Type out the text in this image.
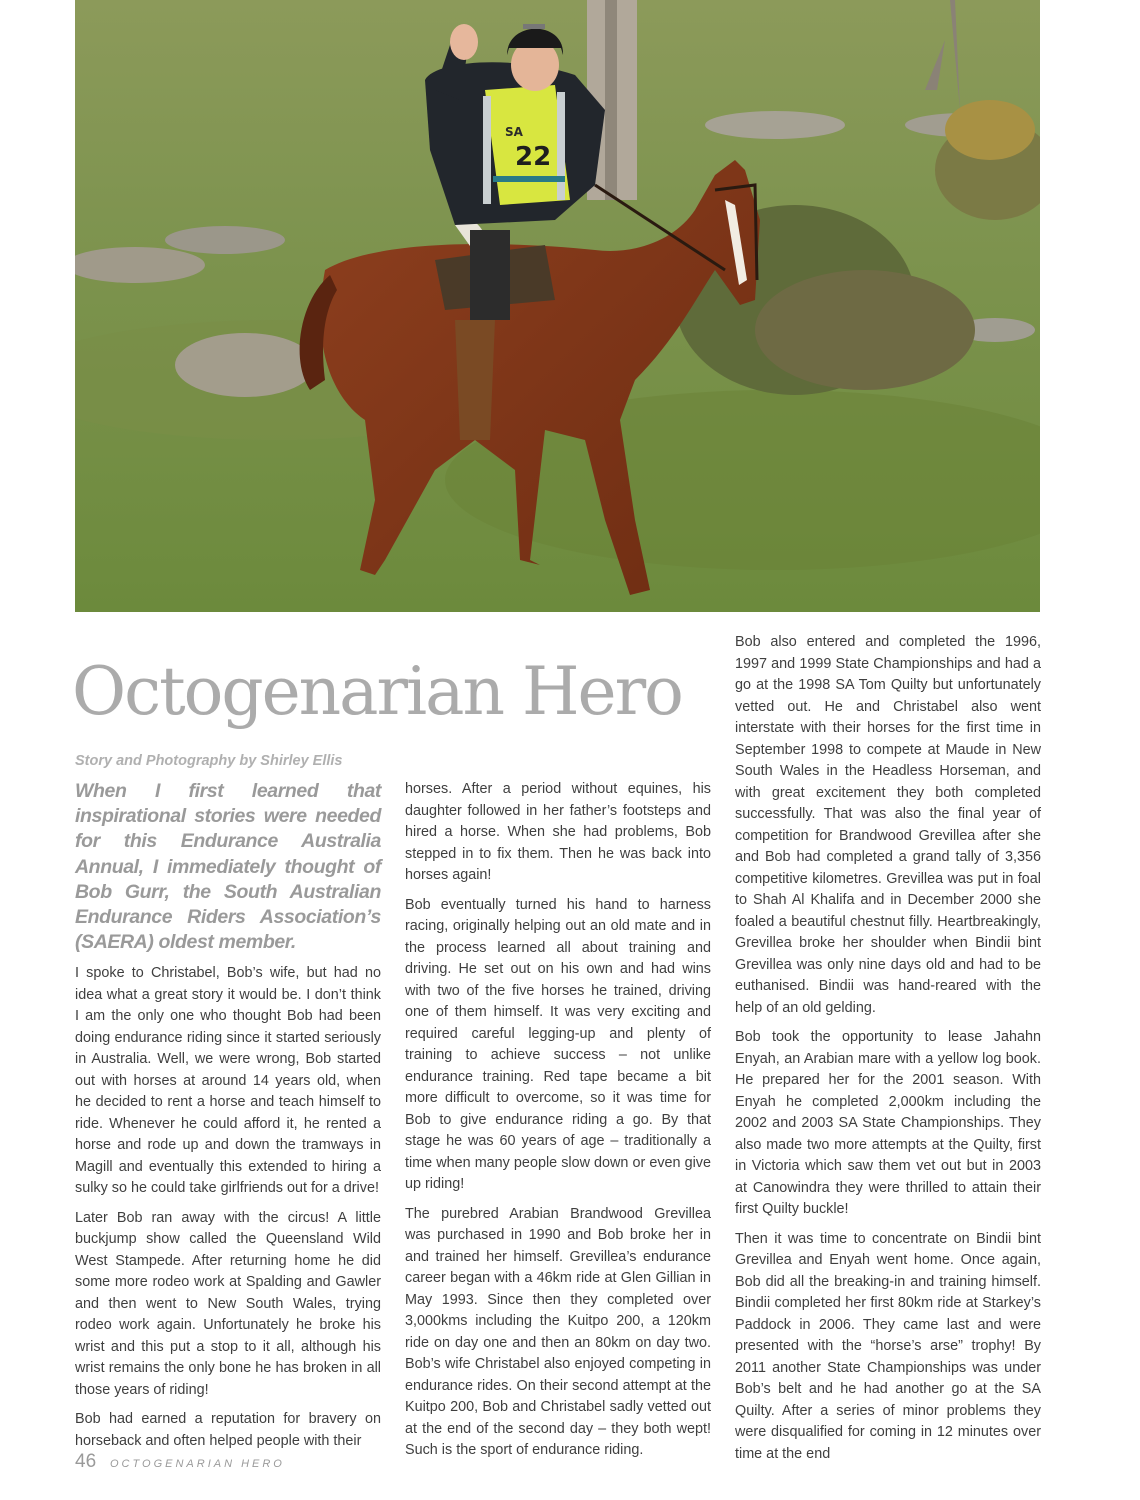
SA
22
Octogenarian Hero

Story and Photography by Shirley Ellis

When I first learned that inspirational stories were needed for this Endurance Australia Annual, I immediately thought of Bob Gurr, the South Australian Endurance Riders Association’s (SAERA) oldest member.

I spoke to Christabel, Bob’s wife, but had no idea what a great story it would be. I don’t think I am the only one who thought Bob had been doing endurance riding since it started seriously in Australia. Well, we were wrong, Bob started out with horses at around 14 years old, when he decided to rent a horse and teach himself to ride. Whenever he could afford it, he rented a horse and rode up and down the tramways in Magill and eventually this extended to hiring a sulky so he could take girlfriends out for a drive!

Later Bob ran away with the circus! A little buckjump show called the Queensland Wild West Stampede. After returning home he did some more rodeo work at Spalding and Gawler and then went to New South Wales, trying rodeo work again. Unfortunately he broke his wrist and this put a stop to it all, although his wrist remains the only bone he has broken in all those years of riding!

Bob had earned a reputation for bravery on horseback and often helped people with their

horses. After a period without equines, his daughter followed in her father’s footsteps and hired a horse. When she had problems, Bob stepped in to fix them. Then he was back into horses again!

Bob eventually turned his hand to harness racing, originally helping out an old mate and in the process learned all about training and driving. He set out on his own and had wins with two of the five horses he trained, driving one of them himself. It was very exciting and required careful legging-up and plenty of training to achieve success – not unlike endurance training. Red tape became a bit more difficult to overcome, so it was time for Bob to give endurance riding a go. By that stage he was 60 years of age – traditionally a time when many people slow down or even give up riding!

The purebred Arabian Brandwood Grevillea was purchased in 1990 and Bob broke her in and trained her himself. Grevillea’s endurance career began with a 46km ride at Glen Gillian in May 1993. Since then they completed over 3,000kms including the Kuitpo 200, a 120km ride on day one and then an 80km on day two. Bob’s wife Christabel also enjoyed competing in endurance rides. On their second attempt at the Kuitpo 200, Bob and Christabel sadly vetted out at the end of the second day – they both wept! Such is the sport of endurance riding.

Bob also entered and completed the 1996, 1997 and 1999 State Championships and had a go at the 1998 SA Tom Quilty but unfortunately vetted out. He and Christabel also went interstate with their horses for the first time in September 1998 to compete at Maude in New South Wales in the Headless Horseman, and with great excitement they both completed successfully. That was also the final year of competition for Brandwood Grevillea after she and Bob had completed a grand tally of 3,356 competitive kilometres. Grevillea was put in foal to Shah Al Khalifa and in December 2000 she foaled a beautiful chestnut filly. Heartbreakingly, Grevillea broke her shoulder when Bindii bint Grevillea was only nine days old and had to be euthanised. Bindii was hand-reared with the help of an old gelding.

Bob took the opportunity to lease Jahahn Enyah, an Arabian mare with a yellow log book. He prepared her for the 2001 season. With Enyah he completed 2,000km including the 2002 and 2003 SA State Championships. They also made two more attempts at the Quilty, first in Victoria which saw them vet out but in 2003 at Canowindra they were thrilled to attain their first Quilty buckle!

Then it was time to concentrate on Bindii bint Grevillea and Enyah went home. Once again, Bob did all the breaking-in and training himself. Bindii completed her first 80km ride at Starkey’s Paddock in 2006. They came last and were presented with the “horse’s arse” trophy! By 2011 another State Championships was under Bob’s belt and he had another go at the SA Quilty. After a series of minor problems they were disqualified for coming in 12 minutes over time at the end

46 OCTOGENARIAN HERO
